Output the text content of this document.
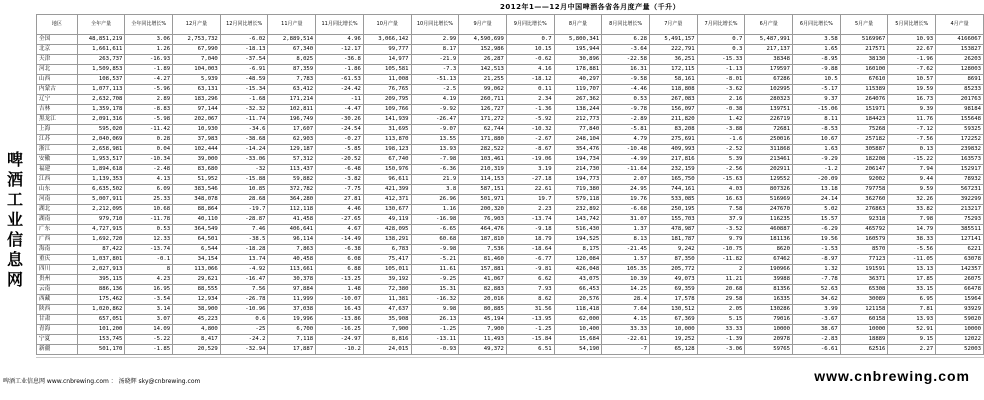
2012年1——12月中国啤酒各省各月度产量（千升）
啤酒工业信息网
地区	全年产量	全年同比增长%	12月产量	12月同比增长%	11月产量	11月同比增长%	10月产量	10月同比增长%	9月产量	9月同比增长%	8月产量	8月同比增长%	7月产量	7月同比增长%	6月产量	6月同比增长%	5月产量	5月同比增长%	4月产量
全国	48,851,219	3.06	2,753,732	-6.02	2,889,514	4.96	3,066,142	2.99	4,590,699	0.7	5,800,341	6.28	5,491,157	0.7	5,487,991	3.58	5169967	10.93	4166067
北京	1,661,611	1.26	67,990	-18.13	67,340	-12.17	99,777	8.17	152,986	10.15	195,944	-3.64	222,791	0.3	217,137	1.65	217571	22.67	153827
天津	263,737	-16.93	7,040	-37.54	8,025	-36.8	14,977	-21.9	26,287	-0.62	30,896	-22.58	36,251	-15.33	38348	-8.95	38130	-1.96	26203
河北	1,509,853	-1.89	104,003	-6.91	87,359	-1.86	105,581	-7.3	142,513	4.16	178,881	16.31	172,115	-1.13	179597	-9.88	160100	-7.62	128003
山西	108,537	-4.27	5,939	-48.59	7,783	-61.53	11,008	-51.13	21,255	-18.12	40,297	-9.58	58,161	-8.01	67286	10.5	67610	10.57	8691
内蒙古	1,077,113	-5.96	63,131	-15.34	63,412	-24.42	76,765	-2.5	99,062	0.11	119,707	-4.46	118,808	-3.62	102995	-5.17	115389	19.59	85233
辽宁	2,632,708	2.89	183,296	-1.68	171,214	-11	209,795	4.19	260,711	2.34	267,362	0.53	267,083	2.16	280323	9.37	264076	16.73	201763
吉林	1,359,178	-8.83	97,144	-32.32	102,811	-4.47	109,766	-9.92	126,727	-1.36	138,244	-9.78	156,097	-0.38	139751	-15.06	151971	9.39	98184
黑龙江	2,091,316	-5.98	202,067	-11.74	196,749	-30.26	141,939	-26.47	171,272	-5.92	212,773	-2.89	211,820	1.42	226719	8.11	184423	11.76	155648
上海	595,020	-11.42	10,930	-34.6	17,607	-24.54	31,695	-9.07	62,744	-10.32	77,840	-5.81	83,208	-3.88	72681	-8.53	75268	-7.12	59325
江苏	2,040,069	0.28	37,983	-38.68	62,903	-0.27	113,870	13.55	171,880	-2.67	248,104	4.79	275,691	-1.6	250016	10.67	257182	-7.56	172252
浙江	2,658,981	0.04	102,444	-14.24	129,187	-5.85	198,123	13.93	282,522	-8.67	354,476	-10.48	409,993	-2.52	311868	1.63	305887	0.13	239832
安徽	1,953,517	-10.34	39,000	-33.06	57,312	-20.52	67,740	-7.98	103,461	-19.06	194,734	-4.99	217,816	5.39	213461	-9.29	182208	-15.22	163573
福建	1,894,618	-2.48	83,680	-32	113,437	-6.48	150,976	-6.36	210,319	3.19	214,730	-11.64	232,159	-2.56	202911	-1.2	206147	7.94	152917
江西	1,139,353	4.13	51,952	-15.88	59,882	-3.82	96,611	21.9	114,153	-27.18	194,773	2.07	165,750	-15.63	129552	-20.09	92002	9.44	78932
山东	6,635,502	6.09	383,546	10.85	372,782	-7.75	421,399	3.8	587,151	22.61	719,380	24.95	744,161	4.03	807326	13.18	797758	9.59	567231
河南	5,007,911	25.33	348,078	28.68	364,280	27.81	412,371	26.96	501,971	19.7	579,118	19.76	533,085	16.63	516969	24.14	362760	32.26	392299
湖北	2,212,095	10.68	88,864	-19.7	112,118	4.46	130,677	1.16	200,320	2.23	232,892	-6.68	250,195	7.58	247670	5.02	276863	33.82	213217
湖南	979,710	-11.78	40,110	-28.87	41,458	-27.65	49,119	-16.98	76,903	-13.74	143,742	31.07	155,703	37.9	116235	15.57	92318	7.98	75293
广东	4,727,915	0.53	364,549	7.46	406,641	4.67	428,095	-6.65	464,476	-9.18	516,430	1.37	478,987	-3.52	460887	-6.29	465792	14.79	385511
广西	1,692,720	12.33	64,501	-38.5	96,114	-14.49	138,291	60.68	187,810	18.79	194,525	8.13	181,787	9.79	181136	19.56	160579	38.33	127141
海南	87,422	-13.74	6,544	-18.28	7,863	-6.38	6,783	-9.98	7,536	-18.64	8,175	-21.45	9,242	-10.75	8620	-1.53	8570	-5.56	6221
重庆	1,037,801	-0.1	34,154	13.74	40,458	6.08	75,417	-5.21	81,460	-6.77	120,084	1.57	87,350	-11.82	67462	-8.97	77123	-11.05	63078
四川	2,027,913	8	113,066	-4.92	113,661	6.88	105,011	11.61	157,881	-9.81	426,048	105.35	205,772	2	190966	1.32	191591	13.13	142357
贵州	395,115	4.23	29,621	-16.47	30,378	-13.25	39,192	-9.25	41,067	6.62	43,075	10.39	49,073	11.21	39988	-7.78	36371	17.85	26075
云南	886,136	16.95	88,555	7.56	97,884	1.48	72,380	15.31	82,883	7.93	66,453	14.25	69,359	20.68	81356	52.63	65308	33.15	66478
西藏	175,462	-3.54	12,934	-26.78	11,999	-10.07	11,381	-16.32	20,016	8.62	20,576	28.4	17,578	29.58	16335	34.62	30089	6.95	15964
陕西	1,020,862	3.14	38,900	-10.96	37,038	16.43	47,637	9.98	80,885	31.56	118,418	7.64	130,512	2.05	130286	3.99	121158	7.81	93929
甘肃	657,051	3.07	45,223	0.6	19,996	-13.86	35,908	26.13	45,194	-13.95	62,000	4.15	67,369	5.15	79016	-3.67	60158	13.93	59020
青海	101,200	14.09	4,800	-25	6,700	-16.25	7,900	-1.25	7,900	-1.25	10,400	33.33	10,000	33.33	10000	38.67	10000	52.91	10000
宁夏	153,745	-5.22	8,417	-24.2	7,118	-24.97	8,816	-13.11	11,493	-15.84	15,684	-22.61	19,252	-1.39	20978	-2.83	18889	9.15	12022
新疆	501,170	-1.85	20,529	-32.94	17,887	-10.2	24,015	-0.93	49,372	6.51	54,190	-7	65,128	-3.06	59765	-6.61	62516	2.27	52003
啤酒工业信息网 www.cnbrewing.com ： 汤晓辉 sky@cnbrewing.com	www.cnbrewing.com
